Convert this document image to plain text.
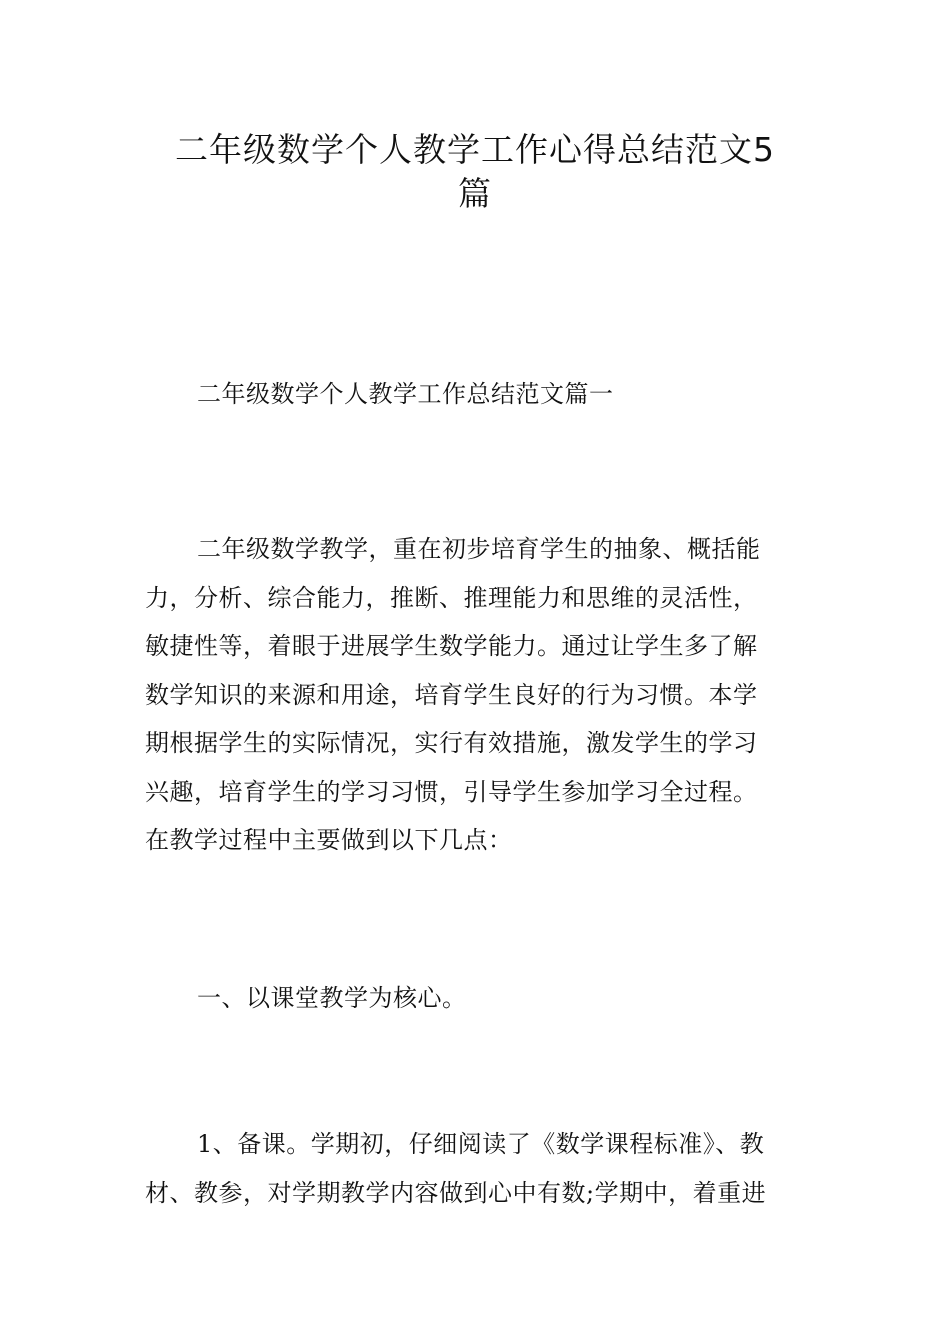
二年级数学个人教学工作心得总结范文5
篇

二年级数学个人教学工作总结范文篇一

二年级数学教学，重在初步培育学生的抽象、概括能
力，分析、综合能力，推断、推理能力和思维的灵活性，
敏捷性等，着眼于进展学生数学能力。通过让学生多了解
数学知识的来源和用途，培育学生良好的行为习惯。本学
期根据学生的实际情况，实行有效措施，激发学生的学习
兴趣，培育学生的学习习惯，引导学生参加学习全过程。
在教学过程中主要做到以下几点：

一、以课堂教学为核心。

1、备课。学期初，仔细阅读了《数学课程标准》、教
材、教参，对学期教学内容做到心中有数;学期中，着重进
